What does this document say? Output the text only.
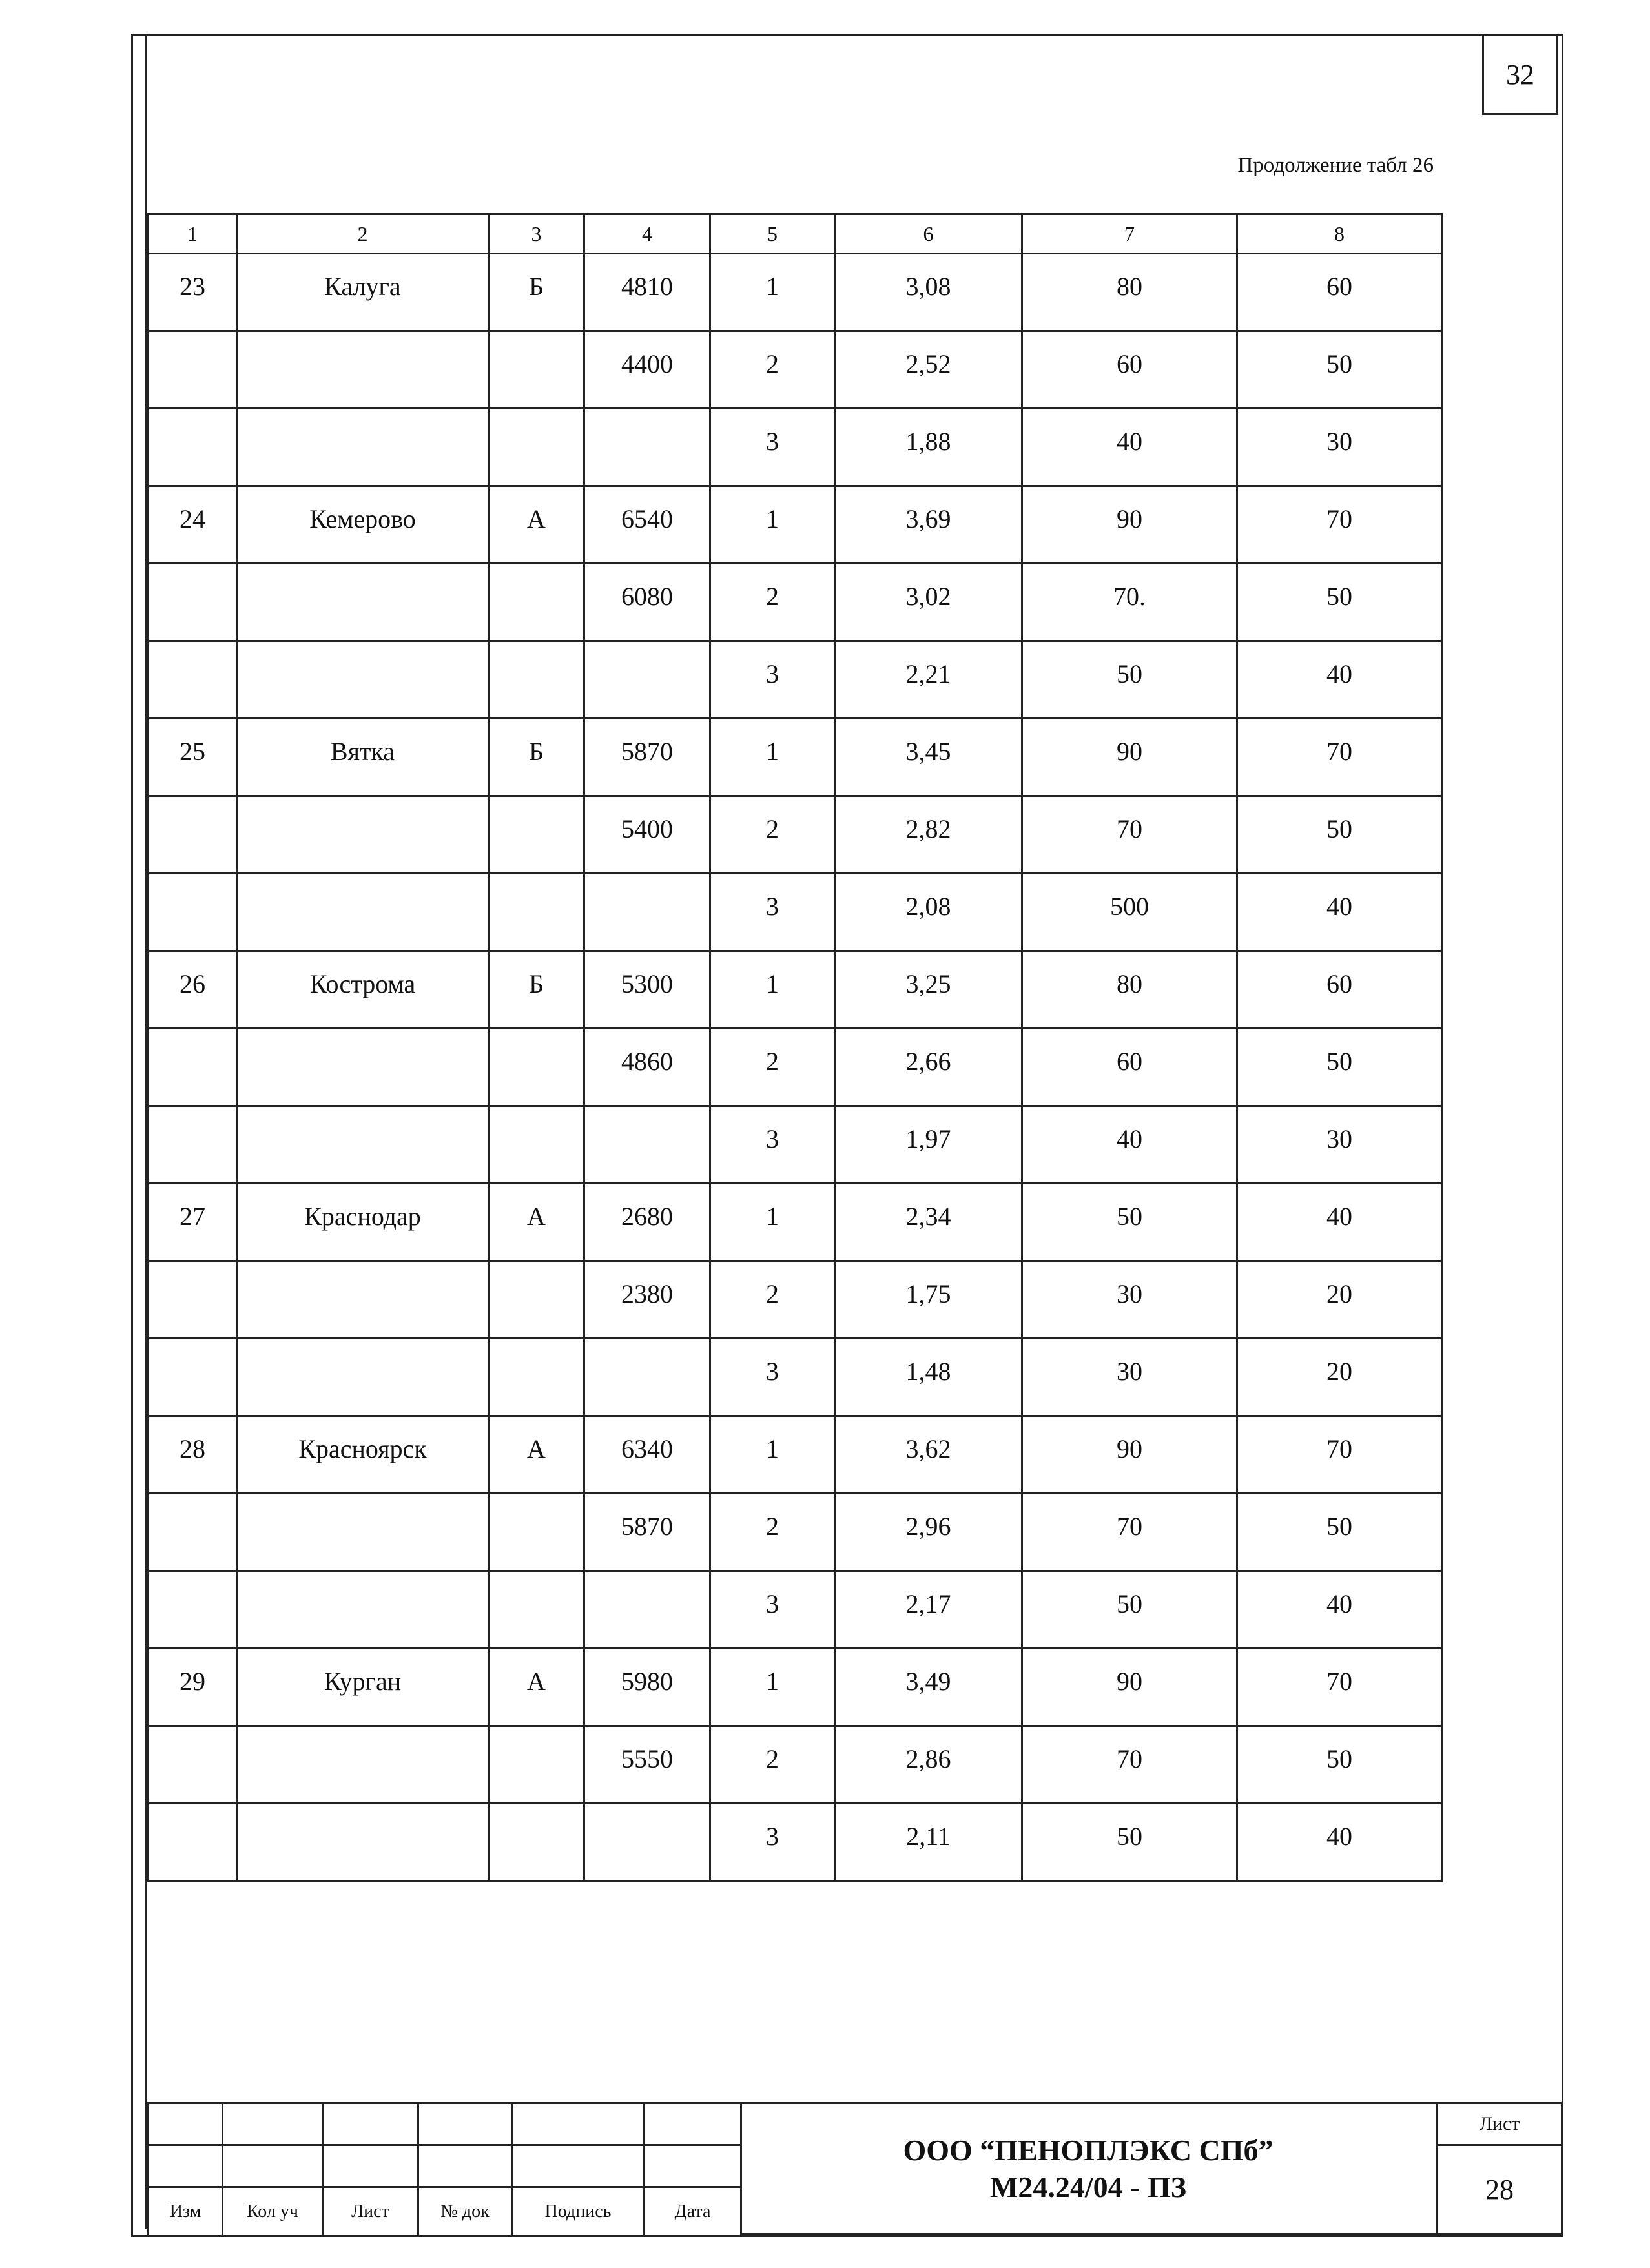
32
Продолжение табл 26
1	2	3	4	5	6	7	8
23	Калуга	Б	4810	1	3,08	80	60
			4400	2	2,52	60	50
				3	1,88	40	30
24	Кемерово	А	6540	1	3,69	90	70
			6080	2	3,02	70.	50
				3	2,21	50	40
25	Вятка	Б	5870	1	3,45	90	70
			5400	2	2,82	70	50
				3	2,08	500	40
26	Кострома	Б	5300	1	3,25	80	60
			4860	2	2,66	60	50
				3	1,97	40	30
27	Краснодар	А	2680	1	2,34	50	40
			2380	2	1,75	30	20
				3	1,48	30	20
28	Красноярск	А	6340	1	3,62	90	70
			5870	2	2,96	70	50
				3	2,17	50	40
29	Курган	А	5980	1	3,49	90	70
			5550	2	2,86	70	50
				3	2,11	50	40

Изм	Кол уч	Лист	№ док	Подпись	Дата
ООО “ПЕНОПЛЭКС СПб”
М24.24/04 - ПЗ
Лист
28
